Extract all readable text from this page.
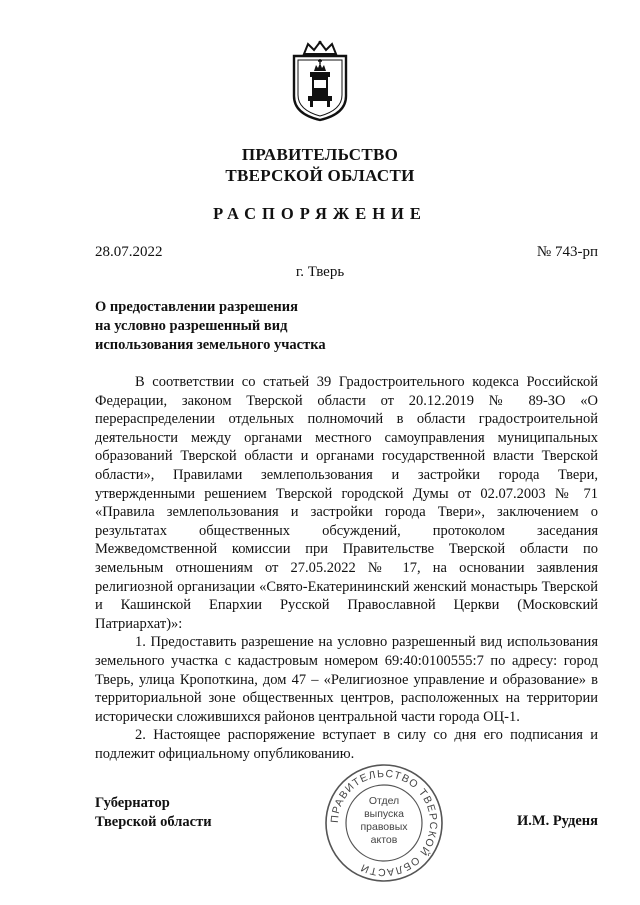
ПРАВИТЕЛЬСТВО
ТВЕРСКОЙ ОБЛАСТИ
РАСПОРЯЖЕНИЕ
28.07.2022	№ 743-рп
г. Тверь
О предоставлении разрешения
на условно разрешенный вид
использования земельного участка

В соответствии со статьей 39 Градостроительного кодекса Российской Федерации, законом Тверской области от 20.12.2019 № 89-ЗО «О перераспределении отдельных полномочий в области градостроительной деятельности между органами местного самоуправления муниципальных образований Тверской области и органами государственной власти Тверской области», Правилами землепользования и застройки города Твери, утвержденными решением Тверской городской Думы от 02.07.2003 № 71 «Правила землепользования и застройки города Твери», заключением о результатах общественных обсуждений, протоколом заседания Межведомственной комиссии при Правительстве Тверской области по земельным отношениям от 27.05.2022 № 17, на основании заявления религиозной организации «Свято-Екатерининский женский монастырь Тверской и Кашинской Епархии Русской Православной Церкви (Московский Патриархат)»:

1. Предоставить разрешение на условно разрешенный вид использования земельного участка с кадастровым номером 69:40:0100555:7 по адресу: город Тверь, улица Кропоткина, дом 47 – «Религиозное управление и образование» в территориальной зоне общественных центров, расположенных на территории исторически сложившихся районов центральной части города ОЦ-1.

2. Настоящее распоряжение вступает в силу со дня его подписания и подлежит официальному опубликованию.

Губернатор
Тверской области	И.М. Руденя
ПРАВИТЕЛЬСТВО ТВЕРСКОЙ ОБЛАСТИ
Отдел
выпуска
правовых
актов
